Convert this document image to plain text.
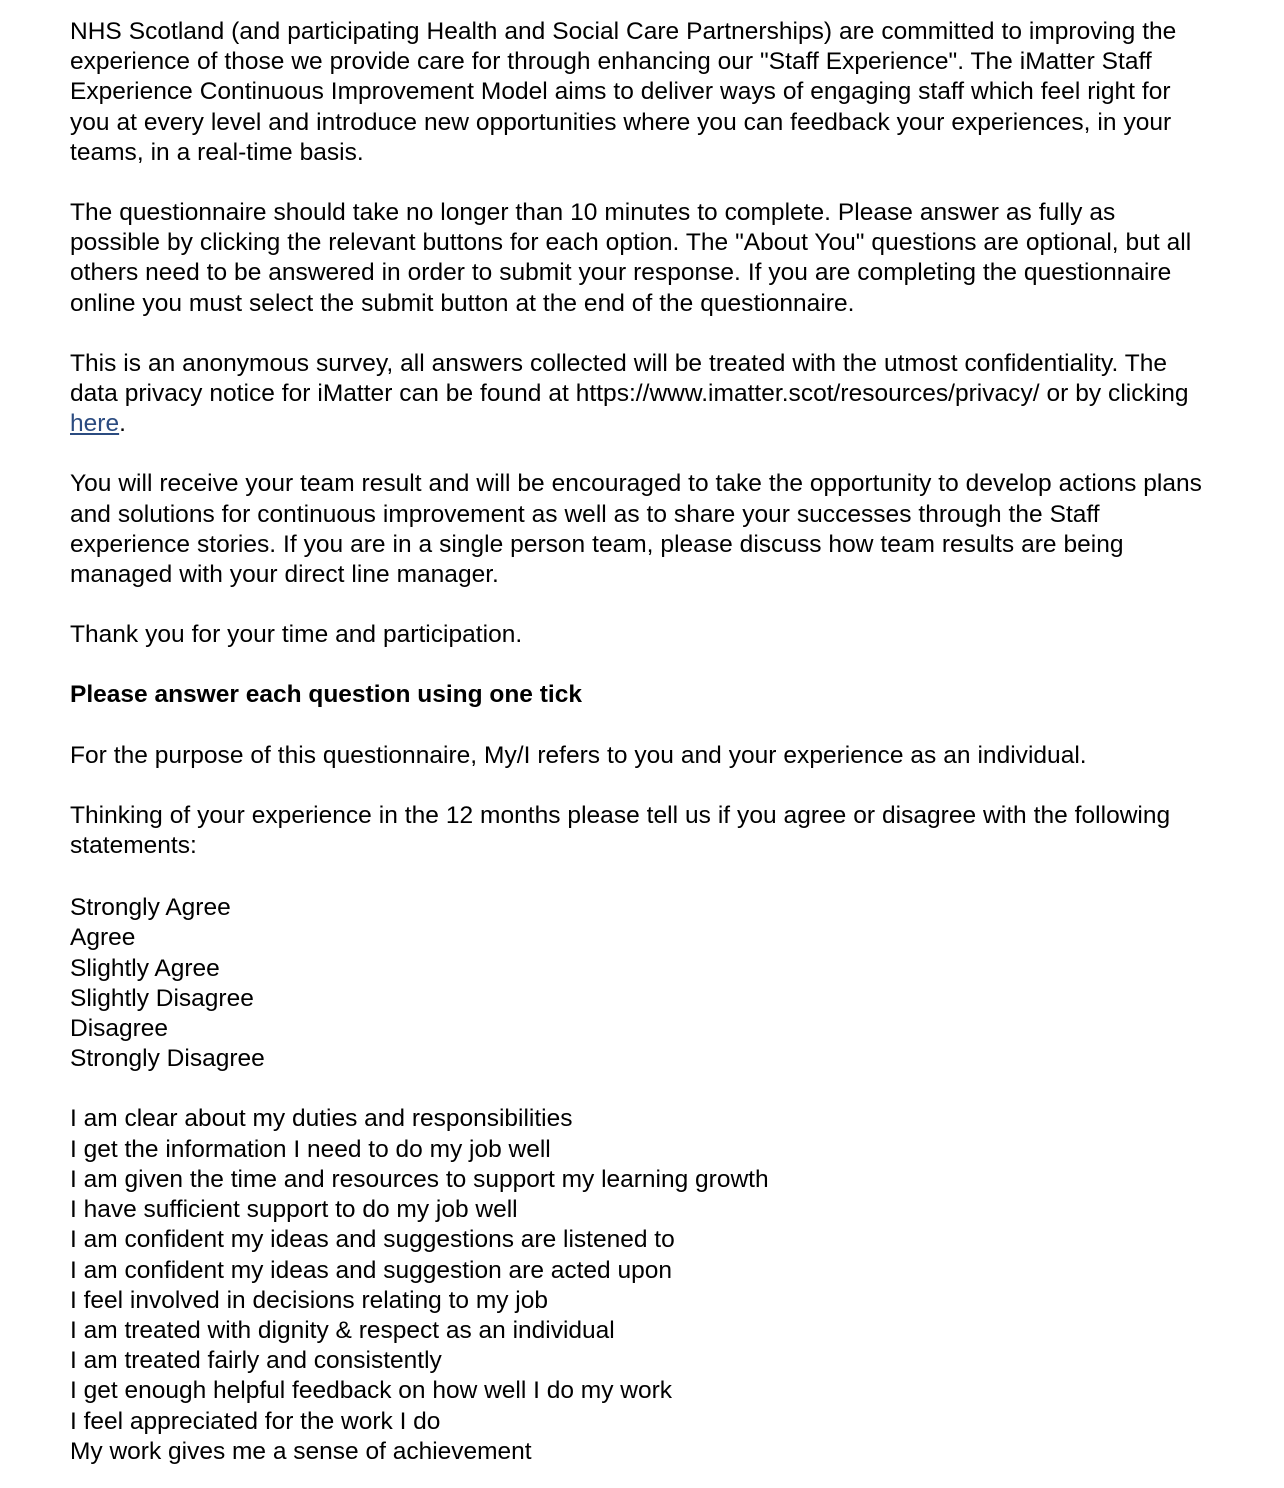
NHS Scotland (and participating Health and Social Care Partnerships) are committed to improving the experience of those we provide care for through enhancing our "Staff Experience". The iMatter Staff Experience Continuous Improvement Model aims to deliver ways of engaging staff which feel right for you at every level and introduce new opportunities where you can feedback your experiences, in your teams, in a real-time basis.

The questionnaire should take no longer than 10 minutes to complete. Please answer as fully as possible by clicking the relevant buttons for each option. The "About You" questions are optional, but all others need to be answered in order to submit your response. If you are completing the questionnaire online you must select the submit button at the end of the questionnaire.

This is an anonymous survey, all answers collected will be treated with the utmost confidentiality. The data privacy notice for iMatter can be found at https://www.imatter.scot/resources/privacy/ or by clicking here.

You will receive your team result and will be encouraged to take the opportunity to develop actions plans and solutions for continuous improvement as well as to share your successes through the Staff experience stories. If you are in a single person team, please discuss how team results are being managed with your direct line manager.

Thank you for your time and participation.

Please answer each question using one tick

For the purpose of this questionnaire, My/I refers to you and your experience as an individual.

Thinking of your experience in the 12 months please tell us if you agree or disagree with the following statements:

Strongly Agree
Agree
Slightly Agree
Slightly Disagree
Disagree
Strongly Disagree
I am clear about my duties and responsibilities
I get the information I need to do my job well
I am given the time and resources to support my learning growth
I have sufficient support to do my job well
I am confident my ideas and suggestions are listened to
I am confident my ideas and suggestion are acted upon
I feel involved in decisions relating to my job
I am treated with dignity & respect as an individual
I am treated fairly and consistently
I get enough helpful feedback on how well I do my work
I feel appreciated for the work I do
My work gives me a sense of achievement
